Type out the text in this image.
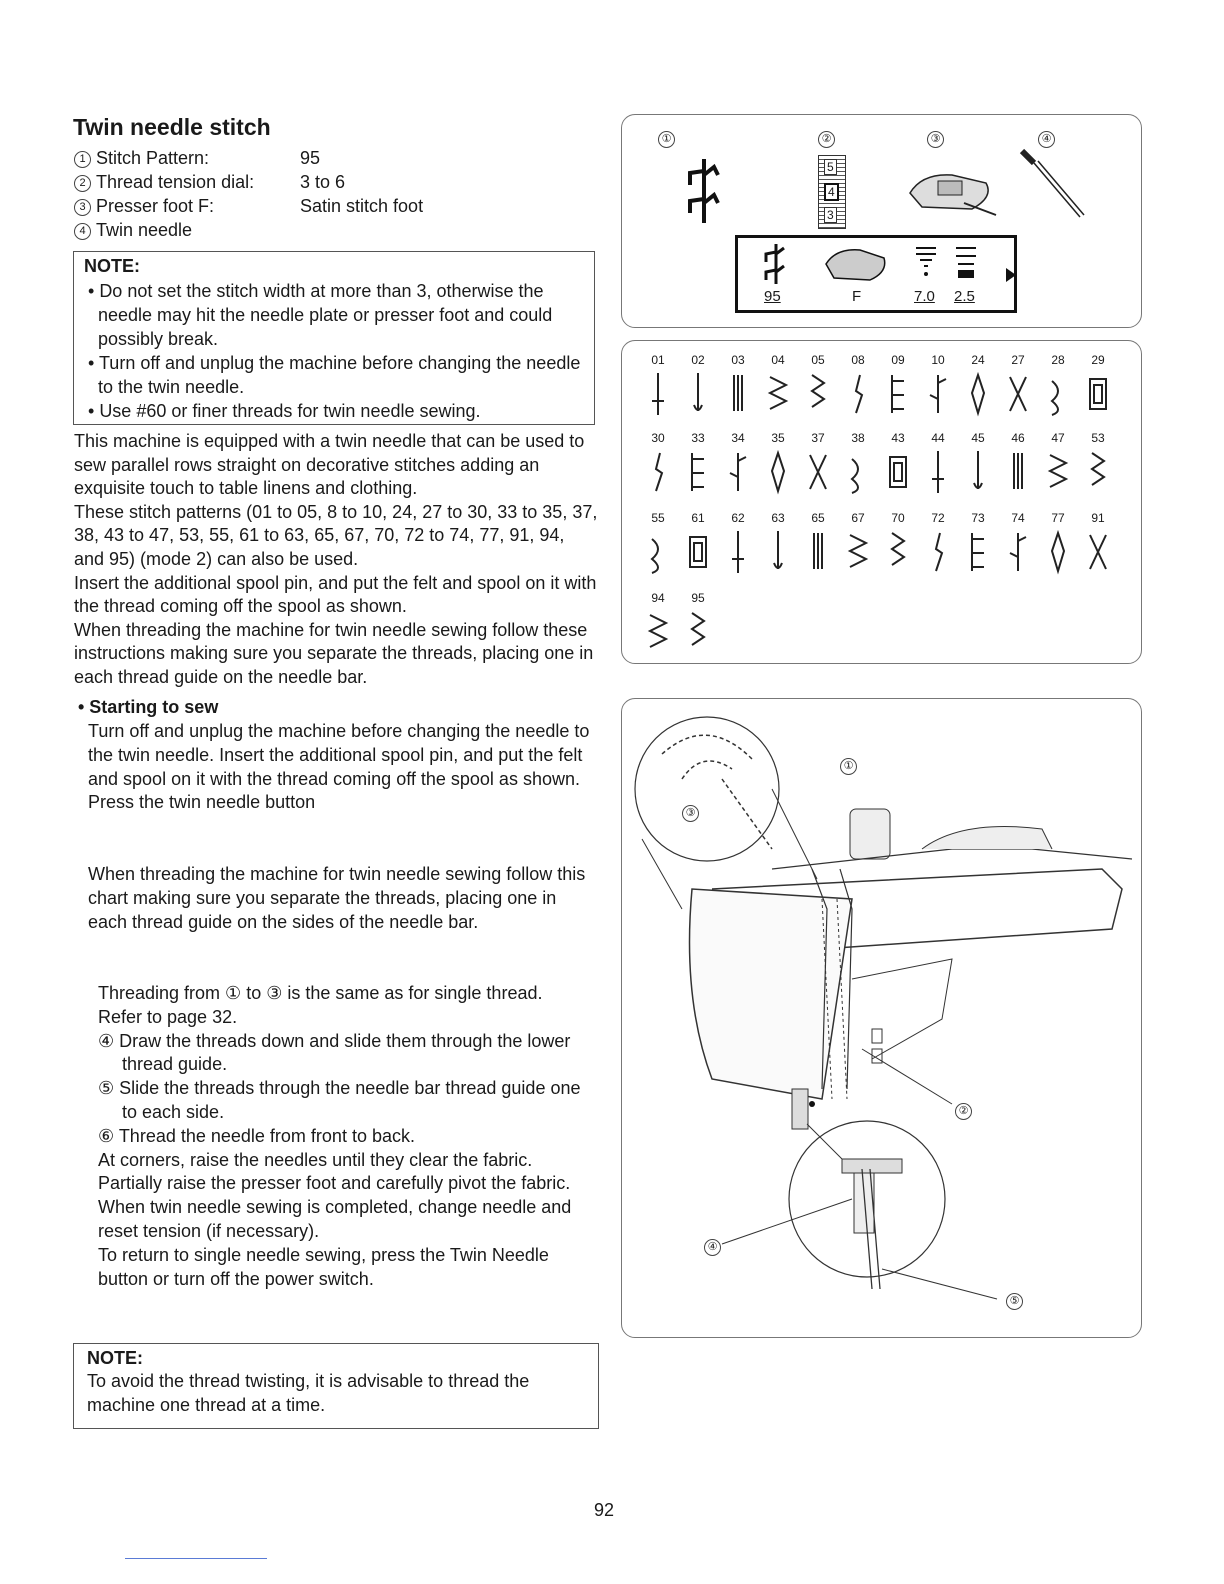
Twin needle stitch
1 Stitch Pattern:	95
2 Thread tension dial:	3 to 6
3 Presser foot F:	Satin stitch foot
4 Twin needle
NOTE:
• Do not set the stitch width at more than 3, otherwise the needle may hit the needle plate or presser foot and could possibly break.
• Turn off and unplug the machine before changing the needle to the twin needle.
• Use #60 or finer threads for twin needle sewing.

This machine is equipped with a twin needle that can be used to sew parallel rows straight on decorative stitches adding an exquisite touch to table linens and clothing.

These stitch patterns (01 to 05, 8 to 10, 24, 27 to 30, 33 to 35, 37, 38, 43 to 47, 53, 55, 61 to 63, 65, 67, 70, 72 to 74, 77, 91, 94, and 95) (mode 2) can also be used.

Insert the additional spool pin, and put the felt and spool on it with the thread coming off the spool as shown.

When threading the machine for twin needle sewing follow these instructions making sure you separate the threads, placing one in each thread guide on the needle bar.

• Starting to sew

Turn off and unplug the machine before changing the needle to the twin needle. Insert the additional spool pin, and put the felt and spool on it with the thread coming off the spool as shown.

Press the twin needle button

When threading the machine for twin needle sewing follow this chart making sure you separate the threads, placing one in each thread guide on the sides of the needle bar.

Threading from ① to ③ is the same as for single thread.

Refer to page 32.

④ Draw the threads down and slide them through the lower thread guide.

⑤ Slide the threads through the needle bar thread guide one to each side.

⑥ Thread the needle from front to back.

At corners, raise the needles until they clear the fabric. Partially raise the presser foot and carefully pivot the fabric.

When twin needle sewing is completed, change needle and reset tension (if necessary).

To return to single needle sewing, press the Twin Needle button or turn off the power switch.

NOTE:
To avoid the thread twisting, it is advisable to thread the machine one thread at a time.
①	②	③	④
5
4
3
95	F	7.0 2.5
01	02	03	04	05	08	09	10	24	27	28	29
30	33	34	35	37	38	43	44	45	46	47	53
55	61	62	63	65	67	70	72	73	74	77	91
94	95
①
②
③
④
⑤
92
